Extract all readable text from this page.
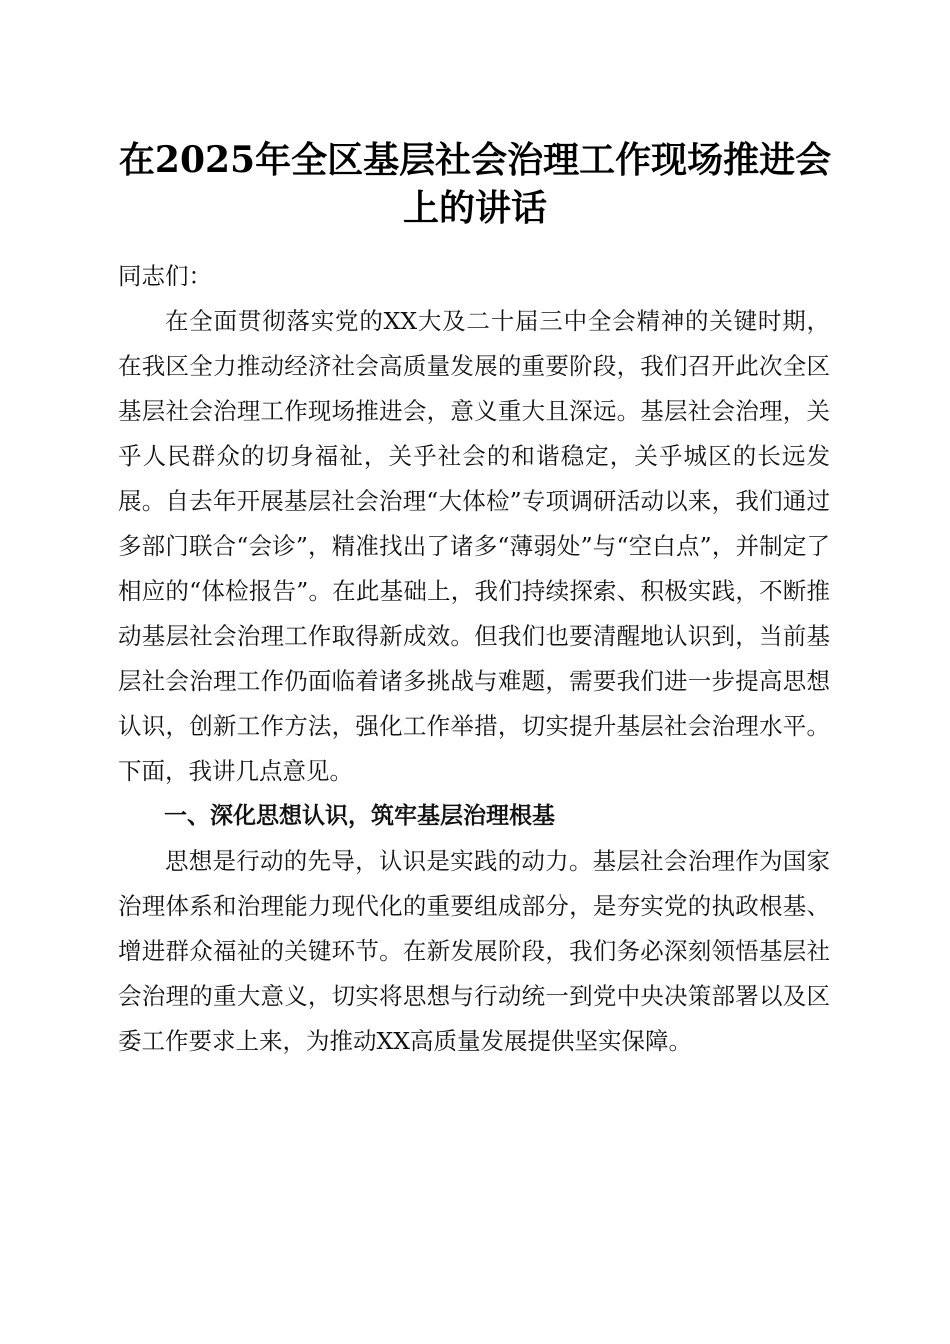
在2025年全区基层社会治理工作现场推进会
上的讲话

同志们：

在全面贯彻落实党的XX大及二十届三中全会精神的关键时期，在我区全力推动经济社会高质量发展的重要阶段，我们召开此次全区基层社会治理工作现场推进会，意义重大且深远。基层社会治理，关乎人民群众的切身福祉，关乎社会的和谐稳定，关乎城区的长远发展。自去年开展基层社会治理“大体检”专项调研活动以来，我们通过多部门联合“会诊”，精准找出了诸多“薄弱处”与“空白点”，并制定了相应的“体检报告”。在此基础上，我们持续探索、积极实践，不断推动基层社会治理工作取得新成效。但我们也要清醒地认识到，当前基层社会治理工作仍面临着诸多挑战与难题，需要我们进一步提高思想认识，创新工作方法，强化工作举措，切实提升基层社会治理水平。下面，我讲几点意见。

一、深化思想认识，筑牢基层治理根基

思想是行动的先导，认识是实践的动力。基层社会治理作为国家治理体系和治理能力现代化的重要组成部分，是夯实党的执政根基、增进群众福祉的关键环节。在新发展阶段，我们务必深刻领悟基层社会治理的重大意义，切实将思想与行动统一到党中央决策部署以及区委工作要求上来，为推动XX高质量发展提供坚实保障。
